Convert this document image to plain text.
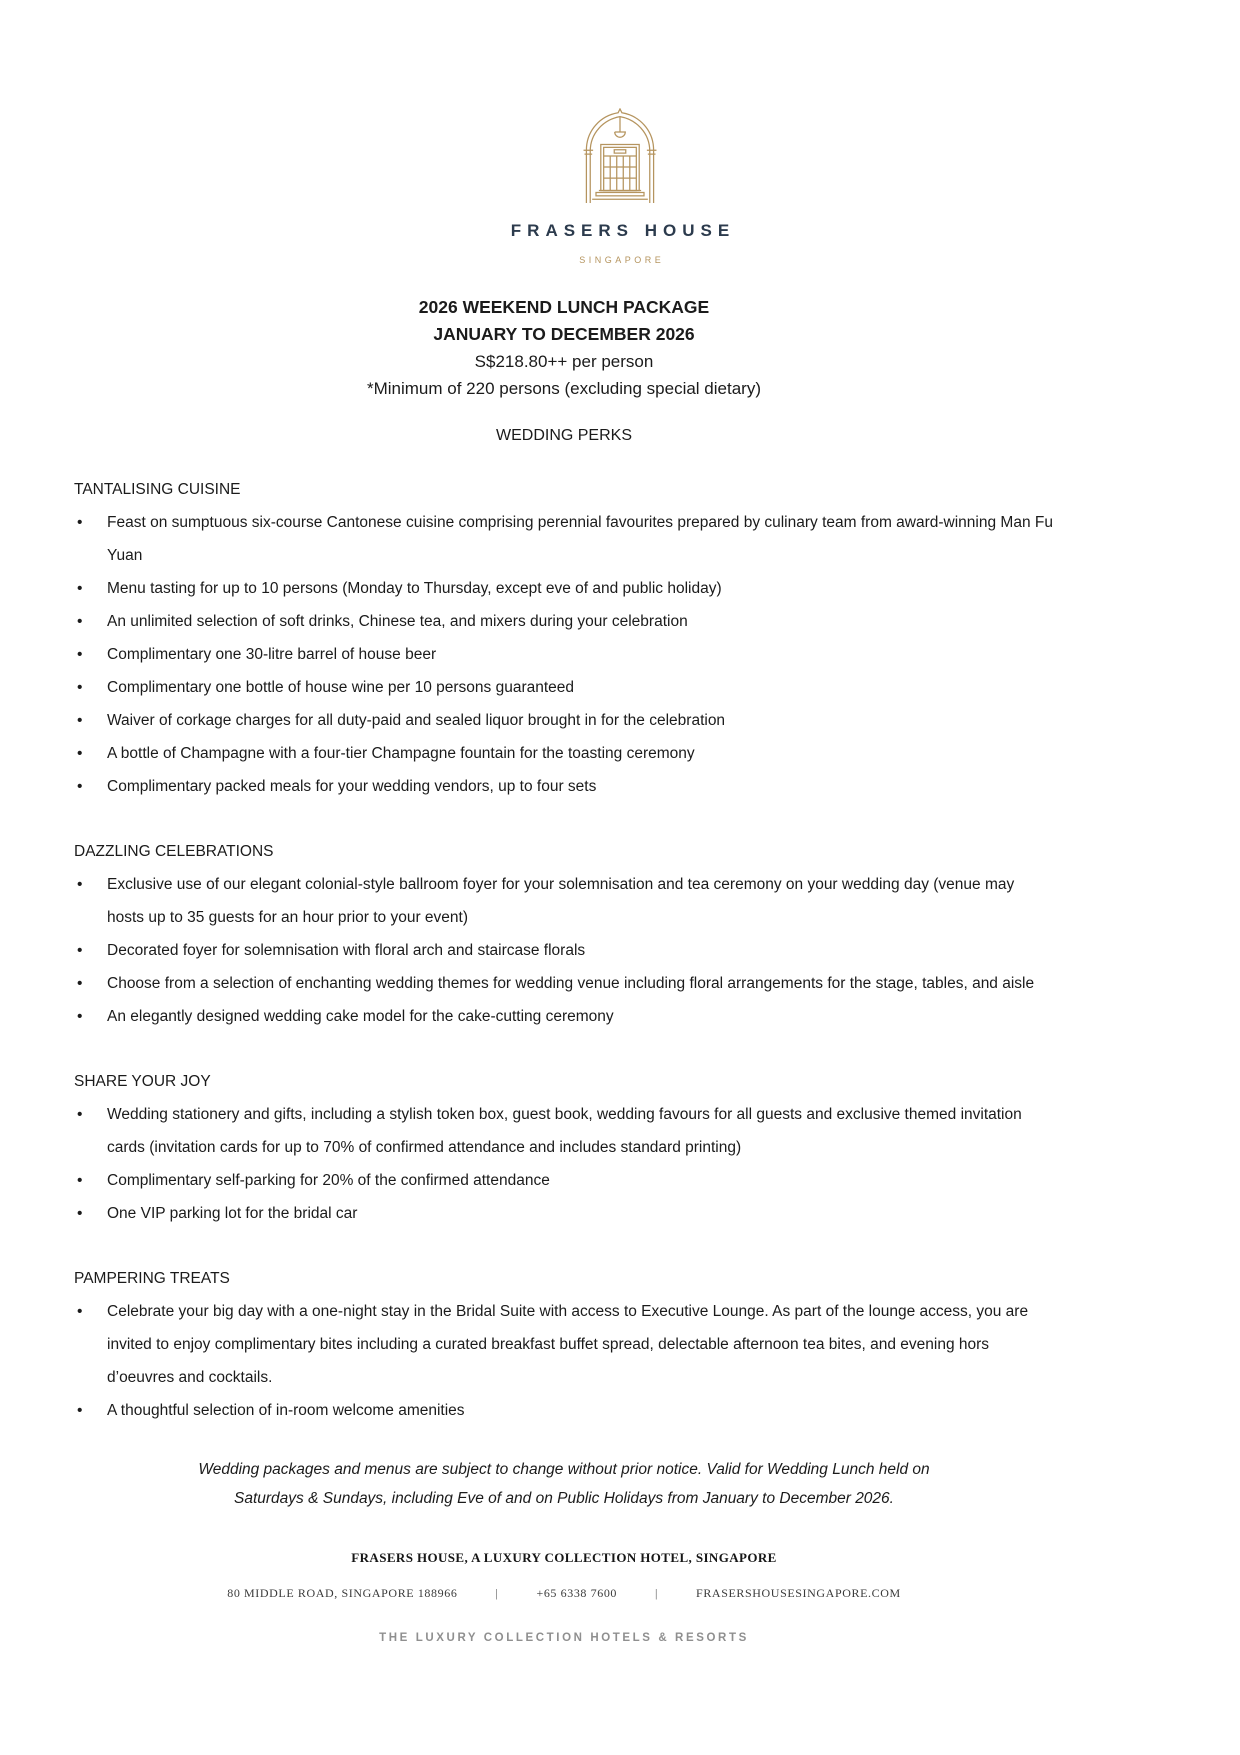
FRASERS HOUSE
SINGAPORE
2026 WEEKEND LUNCH PACKAGE
JANUARY TO DECEMBER 2026
S$218.80++ per person
*Minimum of 220 persons (excluding special dietary)
WEDDING PERKS
TANTALISING CUISINE
• Feast on sumptuous six-course Cantonese cuisine comprising perennial favourites prepared by culinary team from award-winning Man Fu Yuan
• Menu tasting for up to 10 persons (Monday to Thursday, except eve of and public holiday)
• An unlimited selection of soft drinks, Chinese tea, and mixers during your celebration
• Complimentary one 30-litre barrel of house beer
• Complimentary one bottle of house wine per 10 persons guaranteed
• Waiver of corkage charges for all duty-paid and sealed liquor brought in for the celebration
• A bottle of Champagne with a four-tier Champagne fountain for the toasting ceremony
• Complimentary packed meals for your wedding vendors, up to four sets
DAZZLING CELEBRATIONS
• Exclusive use of our elegant colonial-style ballroom foyer for your solemnisation and tea ceremony on your wedding day (venue may hosts up to 35 guests for an hour prior to your event)
• Decorated foyer for solemnisation with floral arch and staircase florals
• Choose from a selection of enchanting wedding themes for wedding venue including floral arrangements for the stage, tables, and aisle
• An elegantly designed wedding cake model for the cake-cutting ceremony
SHARE YOUR JOY
• Wedding stationery and gifts, including a stylish token box, guest book, wedding favours for all guests and exclusive themed invitation cards (invitation cards for up to 70% of confirmed attendance and includes standard printing)
• Complimentary self-parking for 20% of the confirmed attendance
• One VIP parking lot for the bridal car
PAMPERING TREATS
• Celebrate your big day with a one-night stay in the Bridal Suite with access to Executive Lounge. As part of the lounge access, you are invited to enjoy complimentary bites including a curated breakfast buffet spread, delectable afternoon tea bites, and evening hors d’oeuvres and cocktails.
• A thoughtful selection of in-room welcome amenities
Wedding packages and menus are subject to change without prior notice. Valid for Wedding Lunch held on Saturdays & Sundays, including Eve of and on Public Holidays from January to December 2026.
FRASERS HOUSE, A LUXURY COLLECTION HOTEL, SINGAPORE
80 MIDDLE ROAD, SINGAPORE 188966	|	+65 6338 7600	|	FRASERSHOUSESINGAPORE.COM
THE LUXURY COLLECTION HOTELS & RESORTS
